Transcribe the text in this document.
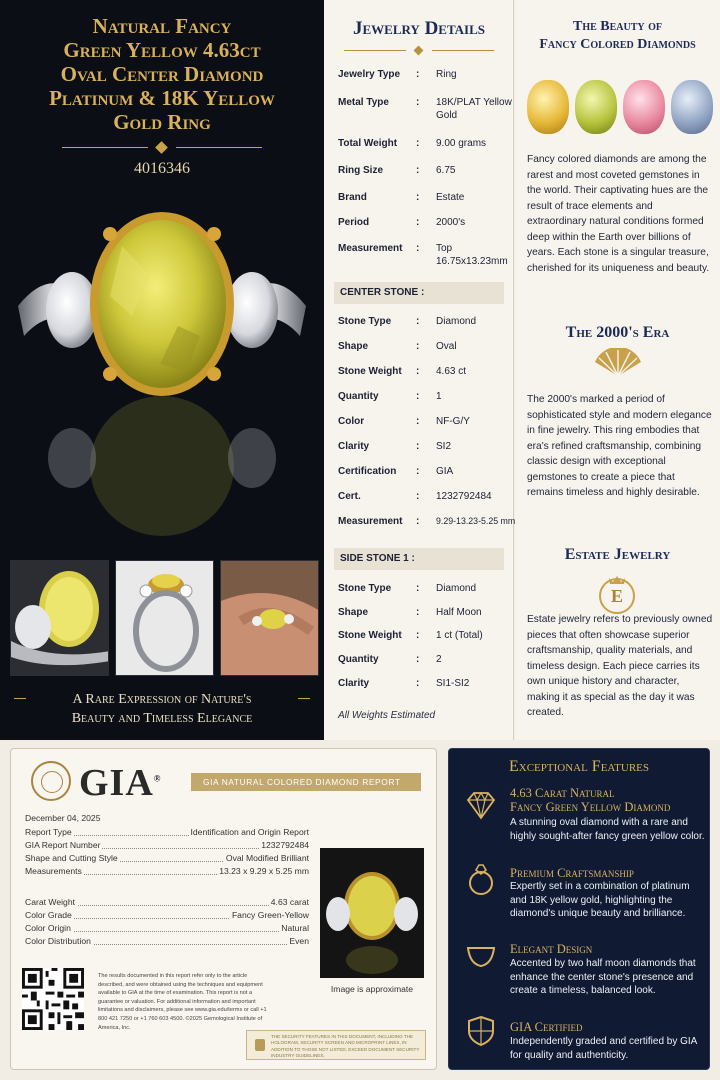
Natural Fancy
Green Yellow 4.63ct
Oval Center Diamond
Platinum & 18K Yellow
Gold Ring
4016346
A Rare Expression of Nature's
Beauty and Timeless Elegance
Jewelry Details
Jewelry Type	: Ring
Metal Type	: 18K/PLAT Yellow Gold
Total Weight	: 9.00 grams
Ring Size	: 6.75
Brand	: Estate
Period	: 2000's
Measurement	: Top 16.75x13.23mm
CENTER STONE :
Stone Type	: Diamond
Shape	: Oval
Stone Weight	: 4.63 ct
Quantity	: 1
Color	: NF-G/Y
Clarity	: SI2
Certification	: GIA
Cert.	: 1232792484
Measurement	: 9.29-13.23-5.25 mm
SIDE STONE 1 :
Stone Type	: Diamond
Shape	: Half Moon
Stone Weight	: 1 ct (Total)
Quantity	: 2
Clarity	: SI1-SI2
All Weights Estimated
The Beauty of
Fancy Colored Diamonds
Fancy colored diamonds are among the rarest and most coveted gemstones in the world. Their captivating hues are the result of trace elements and extraordinary natural conditions formed deep within the Earth over billions of years. Each stone is a singular treasure, cherished for its uniqueness and beauty.
The 2000's Era
The 2000's marked a period of sophisticated style and modern elegance in fine jewelry. This ring embodies that era's refined craftsmanship, combining classic design with exceptional gemstones to create a piece that remains timeless and highly desirable.
Estate Jewelry
E
Estate jewelry refers to previously owned pieces that often showcase superior craftsmanship, quality materials, and timeless design. Each piece carries its own unique history and character, making it as special as the day it was created.
GIA®	GIA NATURAL COLORED DIAMOND REPORT
December 04, 2025
Report Type	Identification and Origin Report
GIA Report Number	1232792484
Shape and Cutting Style	Oval Modified Brilliant
Measurements	13.23 x 9.29 x 5.25 mm
Carat Weight	4.63 carat
Color Grade	Fancy Green-Yellow
Color Origin	Natural
Color Distribution	Even
Image is approximate
The results documented in this report refer only to the article described, and were obtained using the techniques and equipment available to GIA at the time of examination. This report is not a guarantee or valuation. For additional information and important limitations and disclaimers, please see www.gia.edu/terms or call +1 800 421 7250 or +1 760 603 4500. ©2025 Gemological Institute of America, Inc.
THE SECURITY FEATURES IN THIS DOCUMENT, INCLUDING THE HOLOGRAM, SECURITY SCREEN AND MICROPRINT LINES, IN ADDITION TO THOSE NOT LISTED, EXCEED DOCUMENT SECURITY INDUSTRY GUIDELINES.
Exceptional Features
4.63 Carat Natural
Fancy Green Yellow Diamond
A stunning oval diamond with a rare and highly sought-after fancy green yellow color.
Premium Craftsmanship
Expertly set in a combination of platinum and 18K yellow gold, highlighting the diamond's unique beauty and brilliance.
Elegant Design
Accented by two half moon diamonds that enhance the center stone's presence and create a timeless, balanced look.
GIA Certified
Independently graded and certified by GIA for quality and authenticity.
